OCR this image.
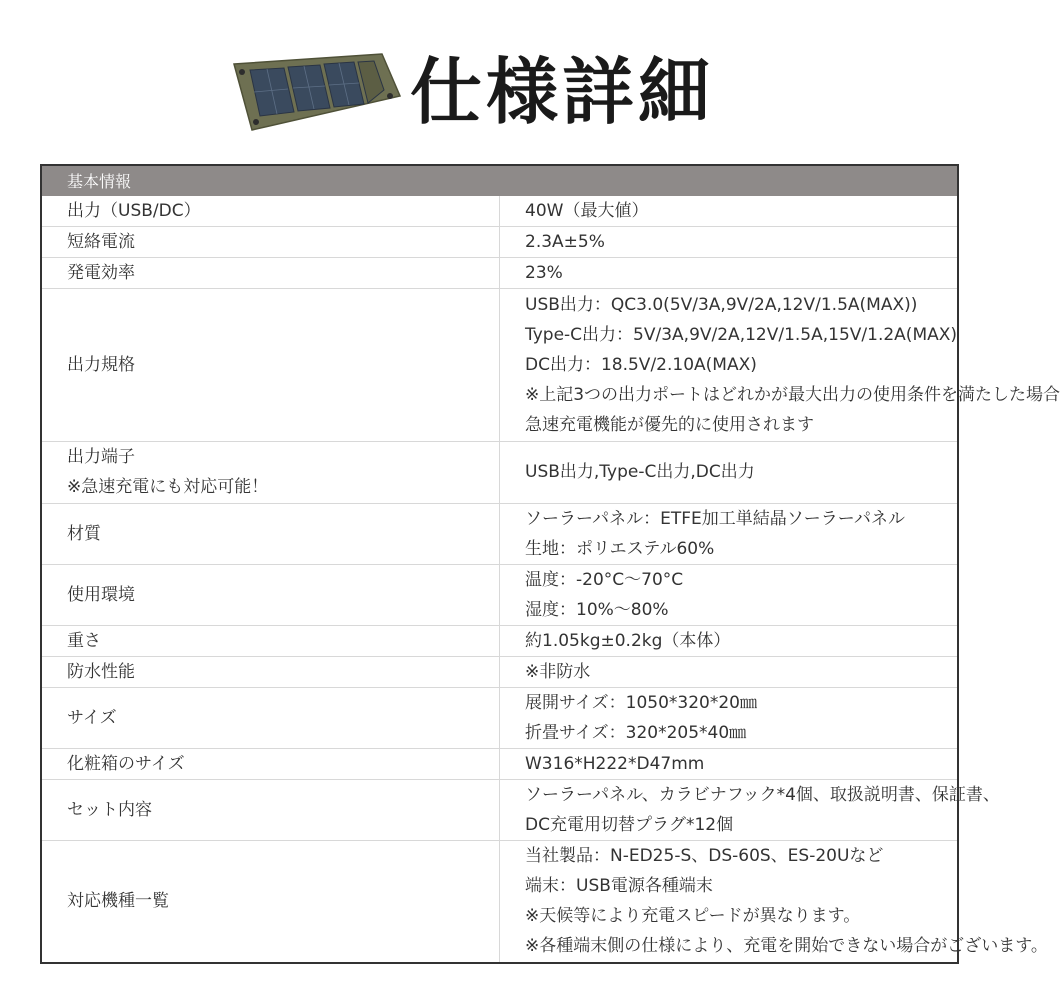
仕様詳細
基本情報	

出力（USB/DC）	40W（最大値）

短絡電流	2.3A±5%

発電効率	23%

出力規格	USB出力：QC3.0(5V/3A,9V/2A,12V/1.5A(MAX))
Type-C出力：5V/3A,9V/2A,12V/1.5A,15V/1.2A(MAX)
DC出力：18.5V/2.10A(MAX)
※上記3つの出力ポートはどれかが最大出力の使用条件を満たした場合
急速充電機能が優先的に使用されます

出力端子
※急速充電にも対応可能！	USB出力,Type-C出力,DC出力

材質	ソーラーパネル：ETFE加工単結晶ソーラーパネル
生地：ポリエステル60%

使用環境	温度：-20°C～70°C
湿度：10%～80%

重さ	約1.05kg±0.2kg（本体）

防水性能	※非防水

サイズ	展開サイズ：1050*320*20㎜
折畳サイズ：320*205*40㎜

化粧箱のサイズ	W316*H222*D47mm

セット内容	ソーラーパネル、カラビナフック*4個、取扱説明書、保証書、
DC充電用切替プラグ*12個

対応機種一覧	当社製品：N-ED25-S、DS-60S、ES-20Uなど
端末：USB電源各種端末
※天候等により充電スピードが異なります。
※各種端末側の仕様により、充電を開始できない場合がございます。
